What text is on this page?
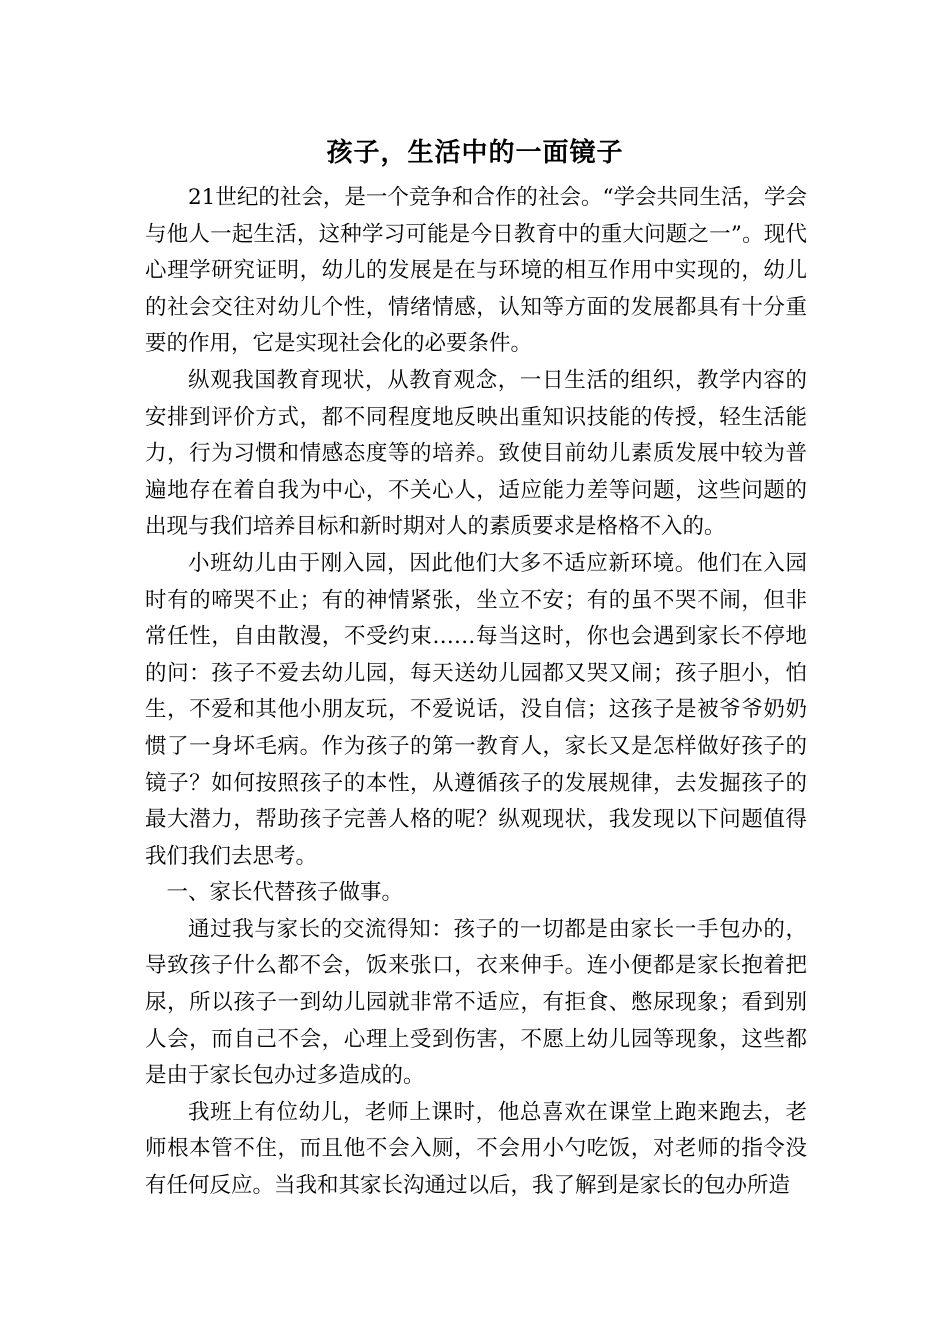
孩子，生活中的一面镜子

21世纪的社会，是一个竞争和合作的社会。“学会共同生活，学会与他人一起生活，这种学习可能是今日教育中的重大问题之一”。现代心理学研究证明，幼儿的发展是在与环境的相互作用中实现的，幼儿的社会交往对幼儿个性，情绪情感，认知等方面的发展都具有十分重要的作用，它是实现社会化的必要条件。

纵观我国教育现状，从教育观念，一日生活的组织，教学内容的安排到评价方式，都不同程度地反映出重知识技能的传授，轻生活能力，行为习惯和情感态度等的培养。致使目前幼儿素质发展中较为普遍地存在着自我为中心，不关心人，适应能力差等问题，这些问题的出现与我们培养目标和新时期对人的素质要求是格格不入的。

小班幼儿由于刚入园，因此他们大多不适应新环境。他们在入园时有的啼哭不止；有的神情紧张，坐立不安；有的虽不哭不闹，但非常任性，自由散漫，不受约束……每当这时，你也会遇到家长不停地的问：孩子不爱去幼儿园，每天送幼儿园都又哭又闹；孩子胆小，怕生，不爱和其他小朋友玩，不爱说话，没自信；这孩子是被爷爷奶奶惯了一身坏毛病。作为孩子的第一教育人，家长又是怎样做好孩子的镜子？如何按照孩子的本性，从遵循孩子的发展规律，去发掘孩子的最大潜力，帮助孩子完善人格的呢？纵观现状，我发现以下问题值得我们我们去思考。

一、家长代替孩子做事。

通过我与家长的交流得知：孩子的一切都是由家长一手包办的，导致孩子什么都不会，饭来张口，衣来伸手。连小便都是家长抱着把尿，所以孩子一到幼儿园就非常不适应，有拒食、憋尿现象；看到别人会，而自己不会，心理上受到伤害，不愿上幼儿园等现象，这些都是由于家长包办过多造成的。

我班上有位幼儿，老师上课时，他总喜欢在课堂上跑来跑去，老师根本管不住，而且他不会入厕，不会用小勺吃饭，对老师的指令没有任何反应。当我和其家长沟通过以后，我了解到是家长的包办所造
